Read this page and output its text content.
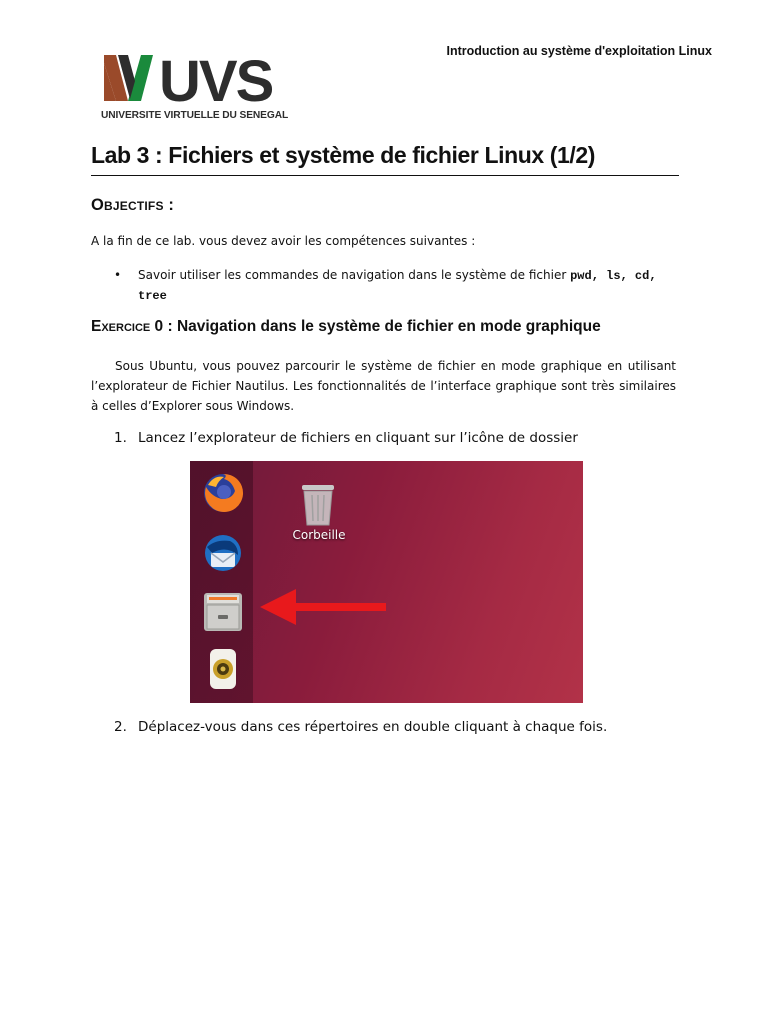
Introduction au système d'exploitation Linux
UVS
UNIVERSITE VIRTUELLE DU SENEGAL
Lab 3 : Fichiers et système de fichier Linux (1/2)
Objectifs :
A la fin de ce lab. vous devez avoir les compétences suivantes :
• Savoir utiliser les commandes de navigation dans le système de fichier pwd, ls, cd, tree
Exercice 0 : Navigation dans le système de fichier en mode graphique
Sous Ubuntu, vous pouvez parcourir le système de fichier en mode graphique en utilisant l’explorateur de Fichier Nautilus. Les fonctionnalités de l’interface graphique sont très similaires à celles d’Explorer sous Windows.
1. Lancez l’explorateur de fichiers en cliquant sur l’icône de dossier
Corbeille
2. Déplacez-vous dans ces répertoires en double cliquant à chaque fois.
